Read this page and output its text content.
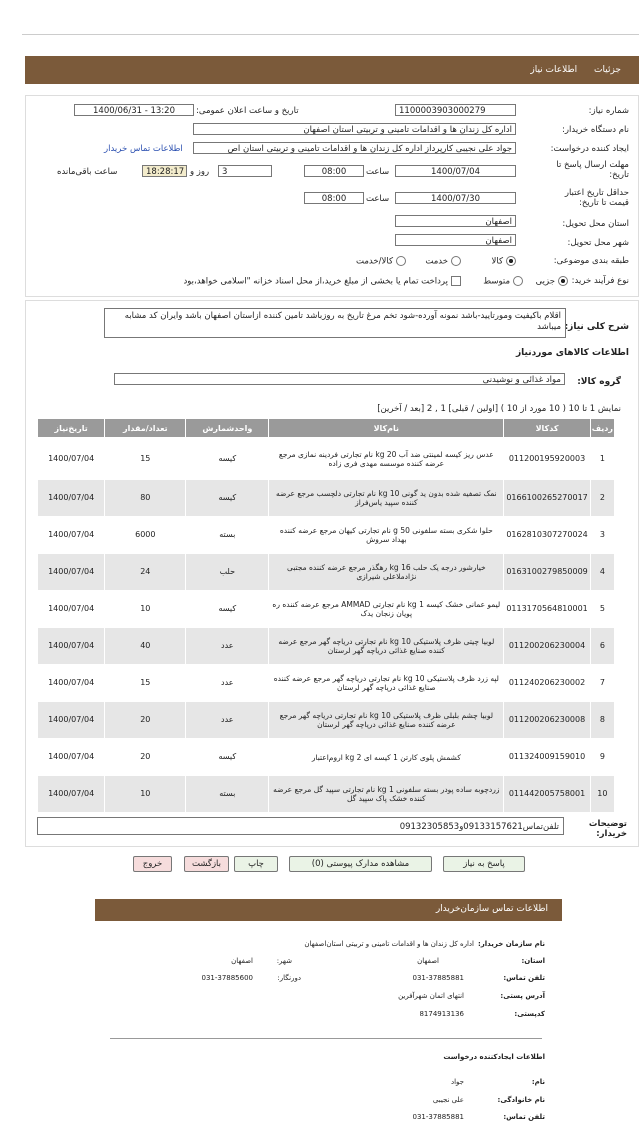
جزئیات اطلاعات نیاز
شماره نیاز:
1100003903000279
تاریخ و ساعت اعلان عمومی:
1400/06/31 - 13:20
نام دستگاه خریدار:
اداره کل زندان ها و اقدامات تامینی و تربیتی استان اصفهان
ایجاد کننده درخواست:
جواد علی نجیبی کارپرداز اداره کل زندان ها و اقدامات تامینی و تربیتی استان اص
اطلاعات تماس خریدار
مهلت ارسال پاسخ تا تاریخ:
1400/07/04
ساعت
08:00
3
روز و
18:28:17
ساعت باقی‌مانده
حداقل تاریخ اعتبار قیمت تا تاریخ:
1400/07/30
ساعت
08:00
استان محل تحویل:
اصفهان
شهر محل تحویل:
اصفهان
طبقه بندی موضوعی:
کالا
خدمت
کالا/خدمت
نوع فرآیند خرید:
جزیی
متوسط
پرداخت تمام یا بخشی از مبلغ خرید،از محل اسناد خزانه "اسلامی خواهد،بود
شرح کلی نیاز:
اقلام باکیفیت ومورتایید-باشد نمونه آورده-شود تخم مرغ تاریخ به روزباشد تامین کننده ازاستان اصفهان باشد وایران کد مشابه میباشد
اطلاعات کالاهای موردنیاز
گروه کالا:
مواد غذائی و نوشیدنی
نمایش 1 تا 10 ( 10 مورد از 10 ) [اولین / قبلی] 1 , 2 [بعد / آخرین]
ردیف	کدکالا	نام‌کالا	واحدشمارش	تعداد/مقدار	تاریخ‌نیاز
1	011200195920003	عدس ریز کیسه لمینتی ضد آب 20 kg نام تجارتی فردینه نمازی مرجع عرضه کننده موسسه مهدی فری زاده	کیسه	15	1400/07/04
2	0166100265270017	نمک تصفیه شده بدون ید گونی 10 kg نام تجارتی دلچسب مرجع عرضه کننده سپید یاس‌فراز	کیسه	80	1400/07/04
3	0162810307270024	حلوا شکری بسته سلفونی 50 g نام تجارتی کیهان مرجع عرضه کننده بهداد سروش	بسته	6000	1400/07/04
4	0163100279850009	خیارشور درجه یک حلب 16 kg رهگذر مرجع عرضه کننده مجتبی نژادملاعلی شیرازی	حلب	24	1400/07/04
5	0113170564810001	لیمو عمانی خشک کیسه 1 kg نام تجارتی AMMAD مرجع عرضه کننده ره پویان زنجان یدک	کیسه	10	1400/07/04
6	011200206230004	لوبیا چیتی ظرف پلاستیکی 10 kg نام تجارتی دریاچه گهر مرجع عرضه کننده صنایع غذائی دریاچه گهر لرستان	عدد	40	1400/07/04
7	011240206230002	لپه زرد ظرف پلاستیکی 10 kg نام تجارتی دریاچه گهر مرجع عرضه کننده صنایع غذائی دریاچه گهر لرستان	عدد	15	1400/07/04
8	011200206230008	لوبیا چشم بلبلی ظرف پلاستیکی 10 kg نام تجارتی دریاچه گهر مرجع عرضه کننده صنایع غذائی دریاچه گهر لرستان	عدد	20	1400/07/04
9	011324009159010	کشمش پلوی کارتن 1 کیسه ای 2 kg اروم‌اعتبار	کیسه	20	1400/07/04
10	011442005758001	زردچوبه ساده پودر بسته سلفونی 1 kg نام تجارتی سپید گل مرجع عرضه کننده خشک پاک سپید گل	بسته	10	1400/07/04
توضیحات خریدار:
تلفن‌تماس09133157621و09132305853
پاسخ به نیاز
مشاهده مدارک پیوستی (0)
چاپ
بازگشت
خروج
اطلاعات تماس سازمان‌خریدار
نام سازمان خریدار:
اداره کل زندان ها و اقدامات تامینی و تربیتی استان‌اصفهان
استان:
اصفهان
شهر:
اصفهان
تلفن تماس:
031-37885881
دورنگار:
031-37885600
آدرس پستی:
انتهای اتمان شهرآفرین
کدپستی:
8174913136
اطلاعات ایجادکننده درخواست
نام:
جواد
نام خانوادگی:
علی نجیبی
تلفن تماس:
031-37885881
